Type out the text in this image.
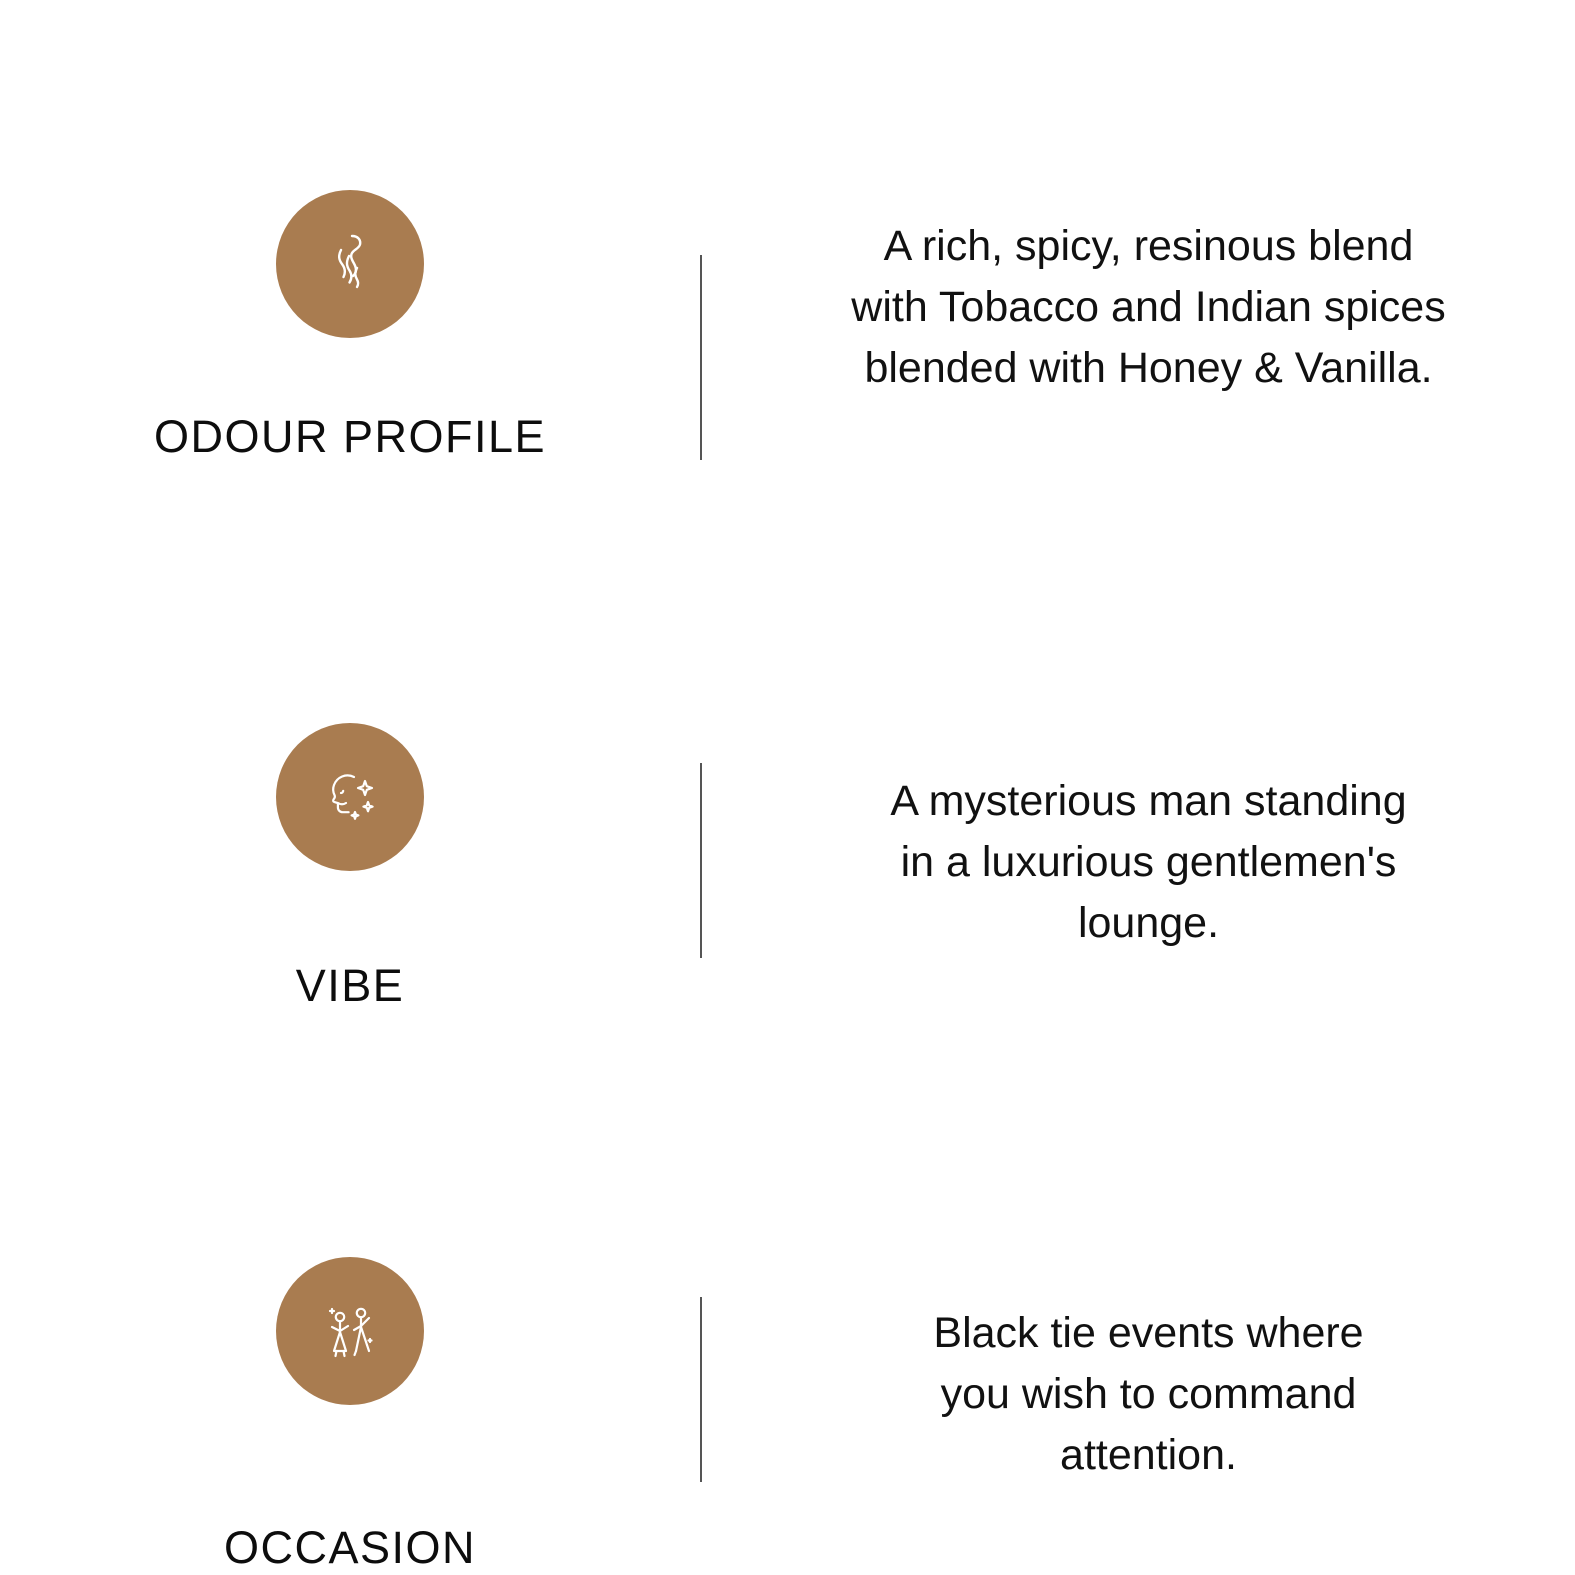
ODOUR PROFILE
A rich, spicy, resinous blend with Tobacco and Indian spices blended with Honey & Vanilla.
VIBE
A mysterious man standing in a luxurious gentlemen's lounge.
OCCASION
Black tie events where you wish to command attention.
